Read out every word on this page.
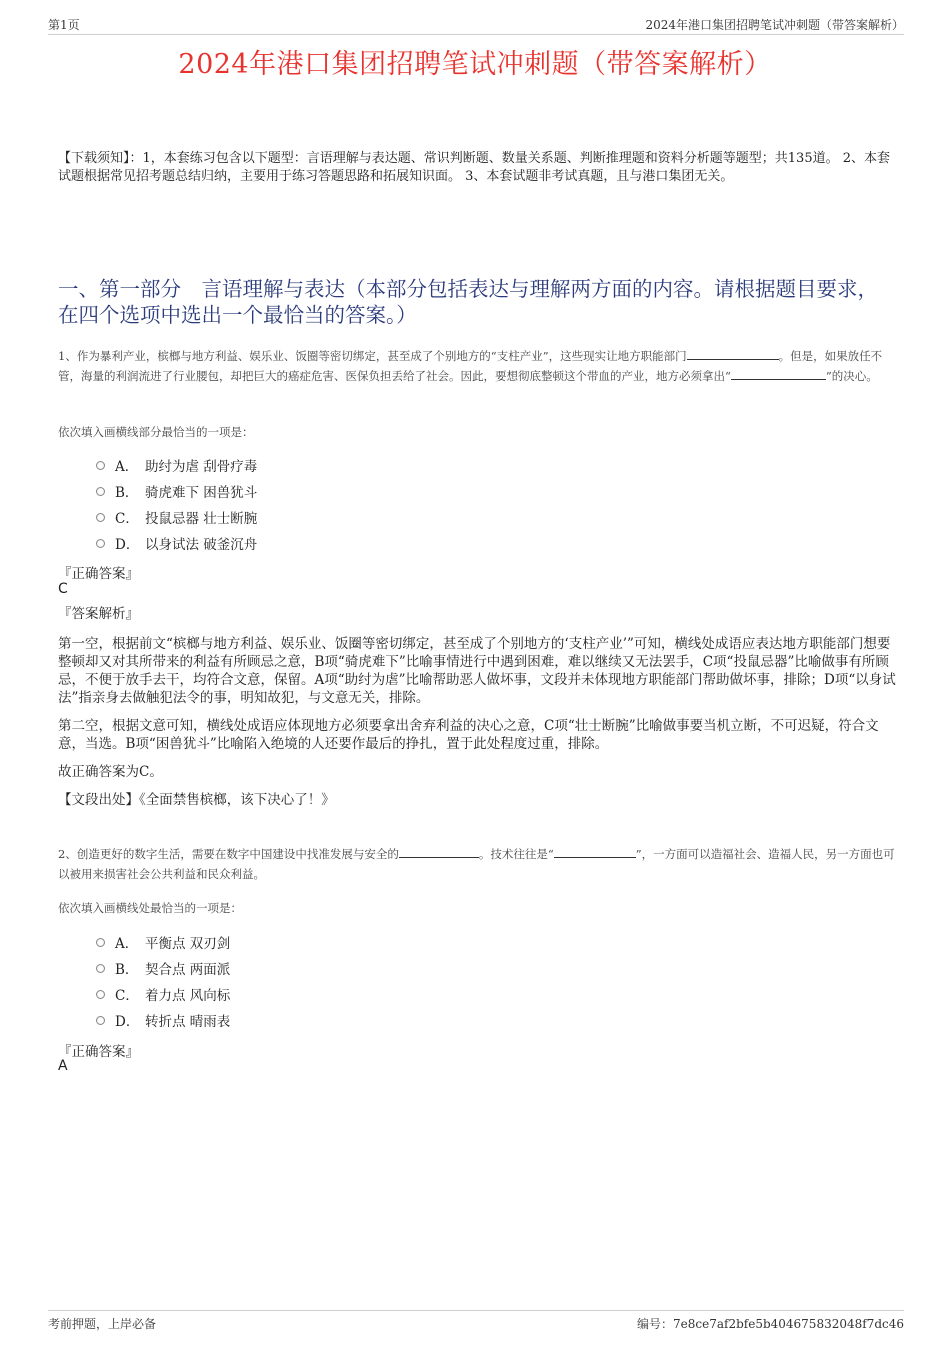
第1页	2024年港口集团招聘笔试冲刺题（带答案解析）
2024年港口集团招聘笔试冲刺题（带答案解析）
【下载须知】：1，本套练习包含以下题型：言语理解与表达题、常识判断题、数量关系题、判断推理题和资料分析题等题型；共135道。 2、本套试题根据常见招考题总结归纳，主要用于练习答题思路和拓展知识面。 3、本套试题非考试真题，且与港口集团无关。
一、第一部分　言语理解与表达（本部分包括表达与理解两方面的内容。请根据题目要求，在四个选项中选出一个最恰当的答案。）
1、作为暴利产业，槟榔与地方利益、娱乐业、饭圈等密切绑定，甚至成了个别地方的“支柱产业”，这些现实让地方职能部门	。但是，如果放任不管，海量的利润流进了行业腰包，却把巨大的癌症危害、医保负担丢给了社会。因此，要想彻底整顿这个带血的产业，地方必须拿出“	”的决心。
依次填入画横线部分最恰当的一项是：
A． 助纣为虐 刮骨疗毒
B． 骑虎难下 困兽犹斗
C． 投鼠忌器 壮士断腕
D． 以身试法 破釜沉舟
『正确答案』
C
『答案解析』

第一空，根据前文“槟榔与地方利益、娱乐业、饭圈等密切绑定，甚至成了个别地方的‘支柱产业’”可知，横线处成语应表达地方职能部门想要整顿却又对其所带来的利益有所顾忌之意，B项“骑虎难下”比喻事情进行中遇到困难，难以继续又无法罢手，C项“投鼠忌器”比喻做事有所顾忌，不便于放手去干，均符合文意，保留。A项“助纣为虐”比喻帮助恶人做坏事，文段并未体现地方职能部门帮助做坏事，排除；D项“以身试法”指亲身去做触犯法令的事，明知故犯，与文意无关，排除。

第二空，根据文意可知，横线处成语应体现地方必须要拿出舍弃利益的决心之意，C项“壮士断腕”比喻做事要当机立断，不可迟疑，符合文意，当选。B项“困兽犹斗”比喻陷入绝境的人还要作最后的挣扎，置于此处程度过重，排除。

故正确答案为C。

【文段出处】《全面禁售槟榔，该下决心了！》

2、创造更好的数字生活，需要在数字中国建设中找准发展与安全的	。技术往往是“	”，一方面可以造福社会、造福人民，另一方面也可以被用来损害社会公共利益和民众利益。
依次填入画横线处最恰当的一项是：
A． 平衡点 双刃剑
B． 契合点 两面派
C． 着力点 风向标
D． 转折点 晴雨表
『正确答案』
A
考前押题，上岸必备	编号：7e8ce7af2bfe5b404675832048f7dc46
